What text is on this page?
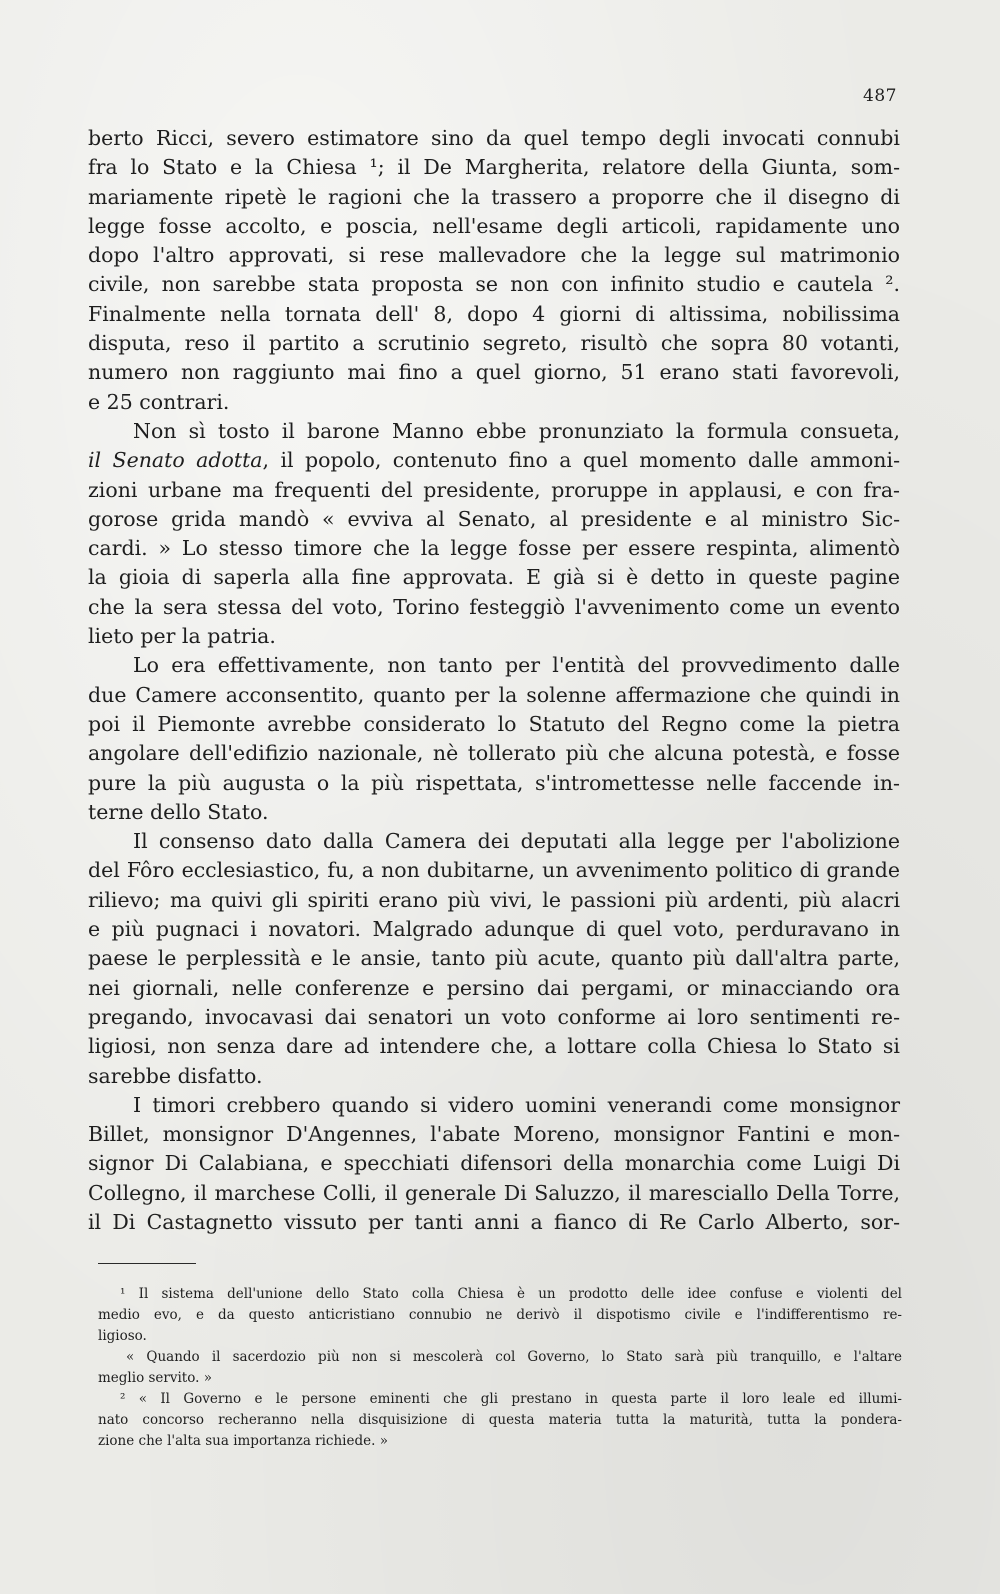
487
berto Ricci, severo estimatore sino da quel tempo degli invocati connubi
fra lo Stato e la Chiesa ¹; il De Margherita, relatore della Giunta, som-
mariamente ripetè le ragioni che la trassero a proporre che il disegno di
legge fosse accolto, e poscia, nell'esame degli articoli, rapidamente uno
dopo l'altro approvati, si rese mallevadore che la legge sul matrimonio
civile, non sarebbe stata proposta se non con infinito studio e cautela ².
Finalmente nella tornata dell' 8, dopo 4 giorni di altissima, nobilissima
disputa, reso il partito a scrutinio segreto, risultò che sopra 80 votanti,
numero non raggiunto mai fino a quel giorno, 51 erano stati favorevoli,
e 25 contrari.
Non sì tosto il barone Manno ebbe pronunziato la formula consueta,
il Senato adotta, il popolo, contenuto fino a quel momento dalle ammoni-
zioni urbane ma frequenti del presidente, proruppe in applausi, e con fra-
gorose grida mandò « evviva al Senato, al presidente e al ministro Sic-
cardi. » Lo stesso timore che la legge fosse per essere respinta, alimentò
la gioia di saperla alla fine approvata. E già si è detto in queste pagine
che la sera stessa del voto, Torino festeggiò l'avvenimento come un evento
lieto per la patria.
Lo era effettivamente, non tanto per l'entità del provvedimento dalle
due Camere acconsentito, quanto per la solenne affermazione che quindi in
poi il Piemonte avrebbe considerato lo Statuto del Regno come la pietra
angolare dell'edifizio nazionale, nè tollerato più che alcuna potestà, e fosse
pure la più augusta o la più rispettata, s'intromettesse nelle faccende in-
terne dello Stato.
Il consenso dato dalla Camera dei deputati alla legge per l'abolizione
del Fôro ecclesiastico, fu, a non dubitarne, un avvenimento politico di grande
rilievo; ma quivi gli spiriti erano più vivi, le passioni più ardenti, più alacri
e più pugnaci i novatori. Malgrado adunque di quel voto, perduravano in
paese le perplessità e le ansie, tanto più acute, quanto più dall'altra parte,
nei giornali, nelle conferenze e persino dai pergami, or minacciando ora
pregando, invocavasi dai senatori un voto conforme ai loro sentimenti re-
ligiosi, non senza dare ad intendere che, a lottare colla Chiesa lo Stato si
sarebbe disfatto.
I timori crebbero quando si videro uomini venerandi come monsignor
Billet, monsignor D'Angennes, l'abate Moreno, monsignor Fantini e mon-
signor Di Calabiana, e specchiati difensori della monarchia come Luigi Di
Collegno, il marchese Colli, il generale Di Saluzzo, il maresciallo Della Torre,
il Di Castagnetto vissuto per tanti anni a fianco di Re Carlo Alberto, sor-
¹ Il sistema dell'unione dello Stato colla Chiesa è un prodotto delle idee confuse e violenti del
medio evo, e da questo anticristiano connubio ne derivò il dispotismo civile e l'indifferentismo re-
ligioso.
« Quando il sacerdozio più non si mescolerà col Governo, lo Stato sarà più tranquillo, e l'altare
meglio servito. »
² « Il Governo e le persone eminenti che gli prestano in questa parte il loro leale ed illumi-
nato concorso recheranno nella disquisizione di questa materia tutta la maturità, tutta la pondera-
zione che l'alta sua importanza richiede. »
